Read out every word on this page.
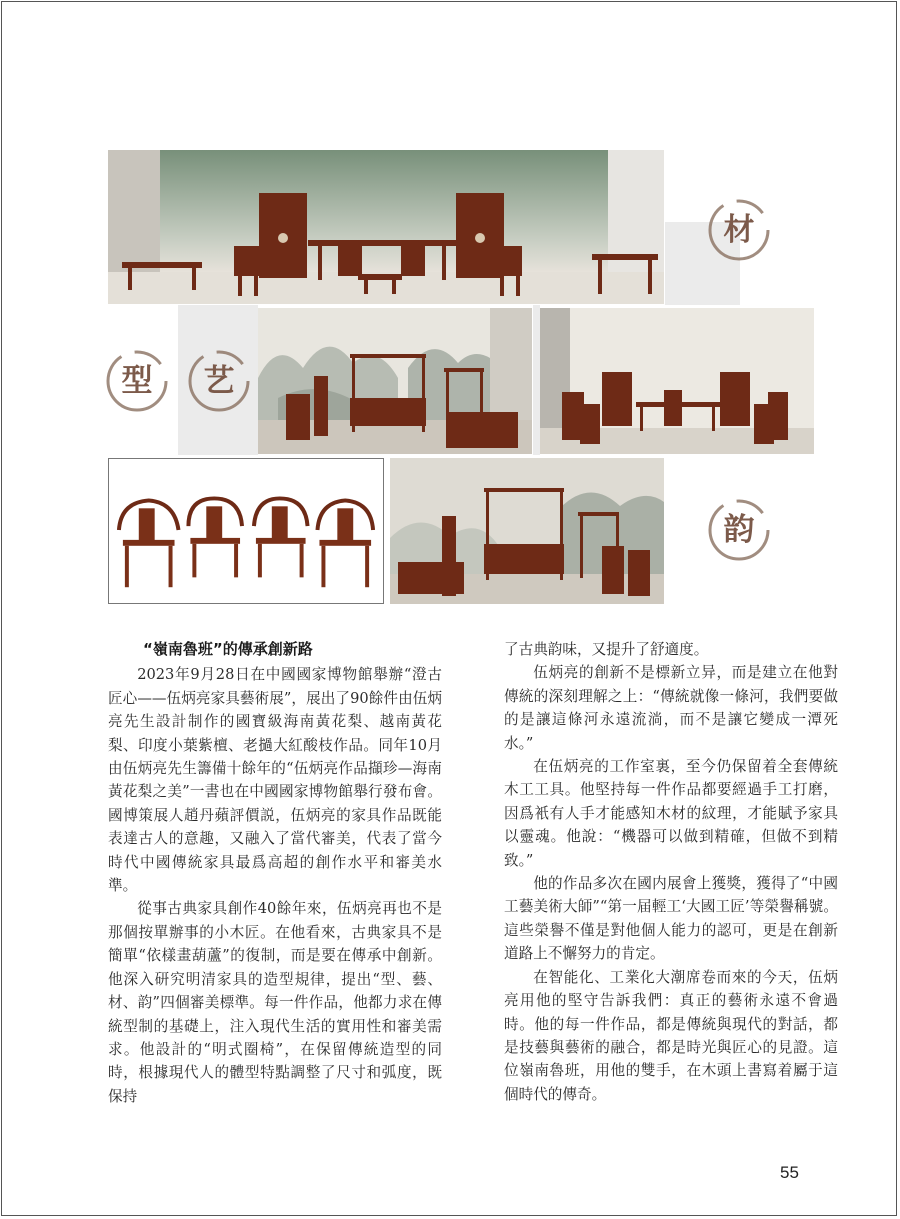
材
型	艺
韵
“嶺南魯班”的傳承創新路

2023年9月28日在中國國家博物館舉辦“澄古匠心——伍炳亮家具藝術展”，展出了90餘件由伍炳亮先生設計制作的國寶級海南黃花梨、越南黃花梨、印度小葉紫檀、老撾大紅酸枝作品。同年10月由伍炳亮先生籌備十餘年的“伍炳亮作品擷珍—海南黃花梨之美”一書也在中國國家博物館舉行發布會。國博策展人趙丹蘋評價説，伍炳亮的家具作品既能表達古人的意趣，又融入了當代審美，代表了當今時代中國傳統家具最爲高超的創作水平和審美水準。

從事古典家具創作40餘年來，伍炳亮再也不是那個按單辦事的小木匠。在他看來，古典家具不是簡單“依樣畫葫蘆”的復制，而是要在傳承中創新。他深入研究明清家具的造型規律，提出“型、藝、材、韵”四個審美標準。每一件作品，他都力求在傳統型制的基礎上，注入現代生活的實用性和審美需求。他設計的“明式圈椅”，在保留傳統造型的同時，根據現代人的體型特點調整了尺寸和弧度，既保持

了古典韵味，又提升了舒適度。

伍炳亮的創新不是標新立异，而是建立在他對傳統的深刻理解之上：“傳統就像一條河，我們要做的是讓這條河永遠流淌，而不是讓它變成一潭死水。”

在伍炳亮的工作室裏，至今仍保留着全套傳統木工工具。他堅持每一件作品都要經過手工打磨，因爲衹有人手才能感知木材的紋理，才能賦予家具以靈魂。他說：“機器可以做到精確，但做不到精致。”

他的作品多次在國内展會上獲獎，獲得了“中國工藝美術大師”“第一届輕工‘大國工匠’等榮譽稱號。這些榮譽不僅是對他個人能力的認可，更是在創新道路上不懈努力的肯定。

在智能化、工業化大潮席卷而來的今天，伍炳亮用他的堅守告訴我們：真正的藝術永遠不會過時。他的每一件作品，都是傳統與現代的對話，都是技藝與藝術的融合，都是時光與匠心的見證。這位嶺南魯班，用他的雙手，在木頭上書寫着屬于這個時代的傳奇。

55
